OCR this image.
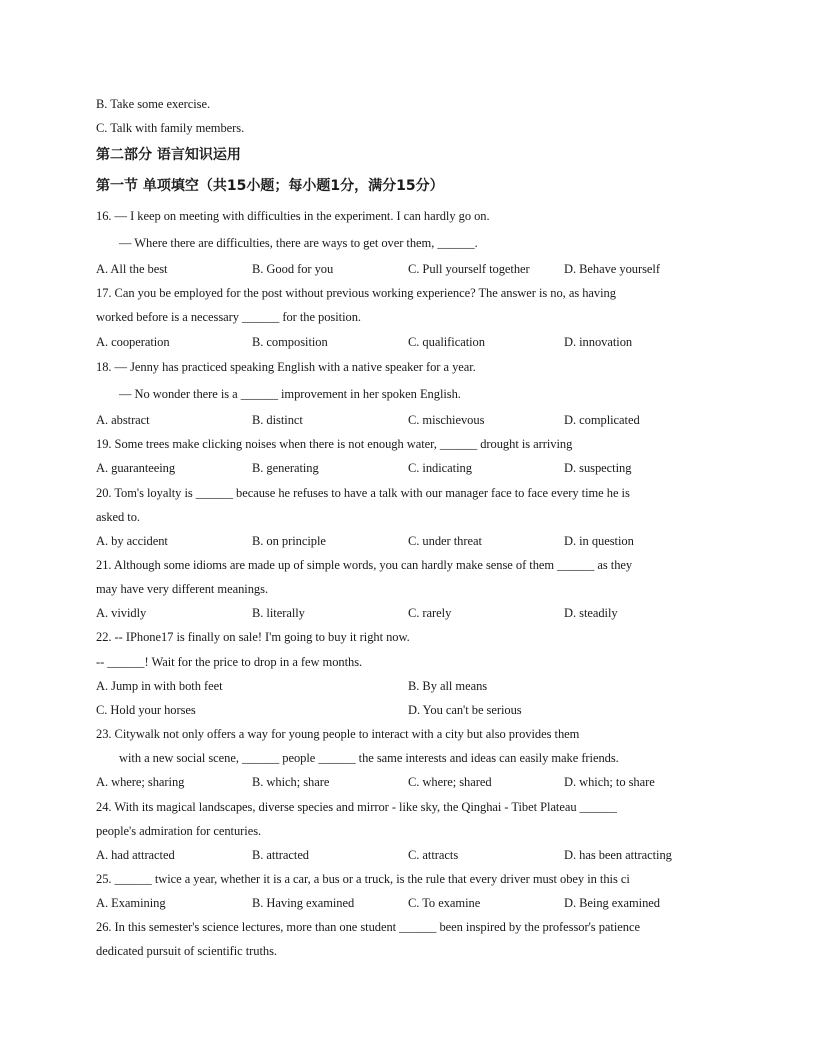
B. Take some exercise.
C. Talk with family members.
第二部分 语言知识运用
第一节 单项填空（共15小题；每小题1分，满分15分）
16. — I keep on meeting with difficulties in the experiment. I can hardly go on.
— Where there are difficulties, there are ways to get over them, ______.
A. All the best	B. Good for you	C. Pull yourself together	D. Behave yourself
17. Can you be employed for the post without previous working experience? The answer is no, as having
worked before is a necessary ______ for the position.
A. cooperation	B. composition	C. qualification	D. innovation
18. — Jenny has practiced speaking English with a native speaker for a year.
— No wonder there is a ______ improvement in her spoken English.
A. abstract	B. distinct	C. mischievous	D. complicated
19. Some trees make clicking noises when there is not enough water, ______ drought is arriving
A. guaranteeing	B. generating	C. indicating	D. suspecting
20. Tom's loyalty is ______ because he refuses to have a talk with our manager face to face every time he is
asked to.
A. by accident	B. on principle	C. under threat	D. in question
21. Although some idioms are made up of simple words, you can hardly make sense of them ______ as they
may have very different meanings.
A. vividly	B. literally	C. rarely	D. steadily
22. -- IPhone17 is finally on sale! I'm going to buy it right now.
-- ______! Wait for the price to drop in a few months.
A. Jump in with both feet	B. By all means
C. Hold your horses	D. You can't be serious
23. Citywalk not only offers a way for young people to interact with a city but also provides them
with a new social scene, ______ people ______ the same interests and ideas can easily make friends.
A. where; sharing	B. which; share	C. where; shared	D. which; to share
24. With its magical landscapes, diverse species and mirror - like sky, the Qinghai - Tibet Plateau ______
people's admiration for centuries.
A. had attracted	B. attracted	C. attracts	D. has been attracting
25. ______ twice a year, whether it is a car, a bus or a truck, is the rule that every driver must obey in this ci
A. Examining	B. Having examined	C. To examine	D. Being examined
26. In this semester's science lectures, more than one student ______ been inspired by the professor's patience
dedicated pursuit of scientific truths.
